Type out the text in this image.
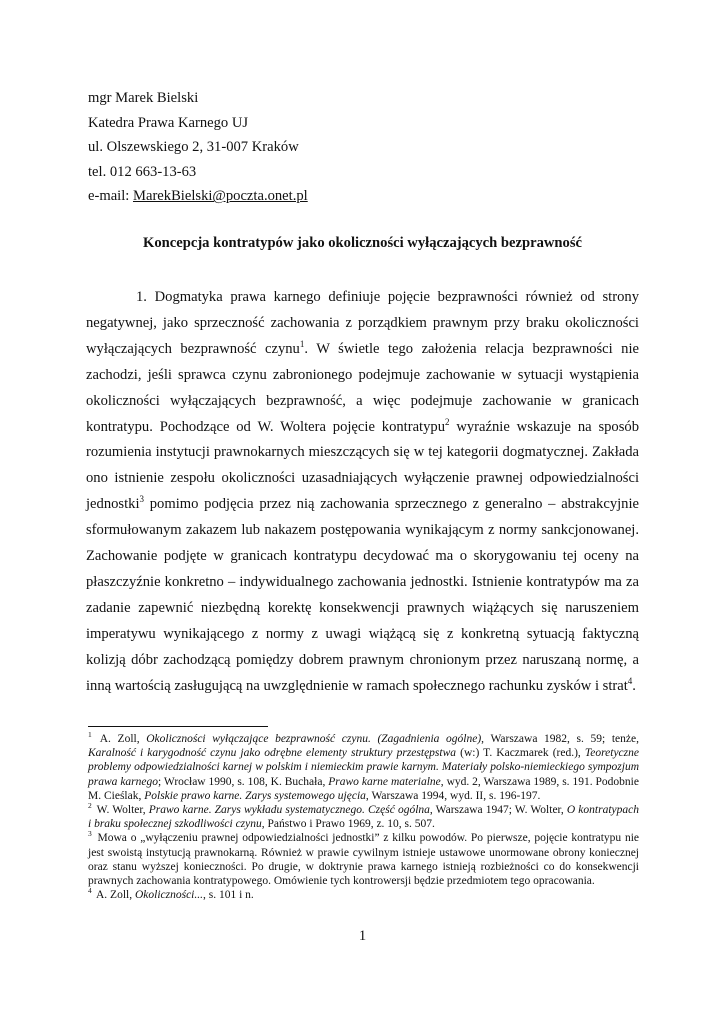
mgr Marek Bielski
Katedra Prawa Karnego UJ
ul. Olszewskiego 2, 31-007 Kraków
tel. 012 663-13-63
e-mail: MarekBielski@poczta.onet.pl
Koncepcja kontratypów jako okoliczności wyłączających bezprawność

1. Dogmatyka prawa karnego definiuje pojęcie bezprawności również od strony negatywnej, jako sprzeczność zachowania z porządkiem prawnym przy braku okoliczności wyłączających bezprawność czynu$^1$. W świetle tego założenia relacja bezprawności nie zachodzi, jeśli sprawca czynu zabronionego podejmuje zachowanie w sytuacji wystąpienia okoliczności wyłączających bezprawność, a więc podejmuje zachowanie w granicach kontratypu. Pochodzące od W. Woltera pojęcie kontratypu$^2$ wyraźnie wskazuje na sposób rozumienia instytucji prawnokarnych mieszczących się w tej kategorii dogmatycznej. Zakłada ono istnienie zespołu okoliczności uzasadniających wyłączenie prawnej odpowiedzialności jednostki$^3$ pomimo podjęcia przez nią zachowania sprzecznego z generalno – abstrakcyjnie sformułowanym zakazem lub nakazem postępowania wynikającym z normy sankcjonowanej. Zachowanie podjęte w granicach kontratypu decydować ma o skorygowaniu tej oceny na płaszczyźnie konkretno – indywidualnego zachowania jednostki. Istnienie kontratypów ma za zadanie zapewnić niezbędną korektę konsekwencji prawnych wiążących się naruszeniem imperatywu wynikającego z normy z uwagi wiążącą się z konkretną sytuacją faktyczną kolizją dóbr zachodzącą pomiędzy dobrem prawnym chronionym przez naruszaną normę, a inną wartością zasługującą na uwzględnienie w ramach społecznego rachunku zysków i strat$^4$.

$^1$ A. Zoll, Okoliczności wyłączające bezprawność czynu. (Zagadnienia ogólne), Warszawa 1982, s. 59; tenże, Karalność i karygodność czynu jako odrębne elementy struktury przestępstwa (w:) T. Kaczmarek (red.), Teoretyczne problemy odpowiedzialności karnej w polskim i niemieckim prawie karnym. Materiały polsko-niemieckiego sympozjum prawa karnego; Wrocław 1990, s. 108, K. Buchała, Prawo karne materialne, wyd. 2, Warszawa 1989, s. 191. Podobnie M. Cieślak, Polskie prawo karne. Zarys systemowego ujęcia, Warszawa 1994, wyd. II, s. 196-197.

$^2$ W. Wolter, Prawo karne. Zarys wykładu systematycznego. Część ogólna, Warszawa 1947; W. Wolter, O kontratypach i braku społecznej szkodliwości czynu, Państwo i Prawo 1969, z. 10, s. 507.

$^3$ Mowa o „wyłączeniu prawnej odpowiedzialności jednostki” z kilku powodów. Po pierwsze, pojęcie kontratypu nie jest swoistą instytucją prawnokarną. Również w prawie cywilnym istnieje ustawowe unormowane obrony koniecznej oraz stanu wyższej konieczności. Po drugie, w doktrynie prawa karnego istnieją rozbieżności co do konsekwencji prawnych zachowania kontratypowego. Omówienie tych kontrowersji będzie przedmiotem tego opracowania.

$^4$ A. Zoll, Okoliczności..., s. 101 i n.

1
